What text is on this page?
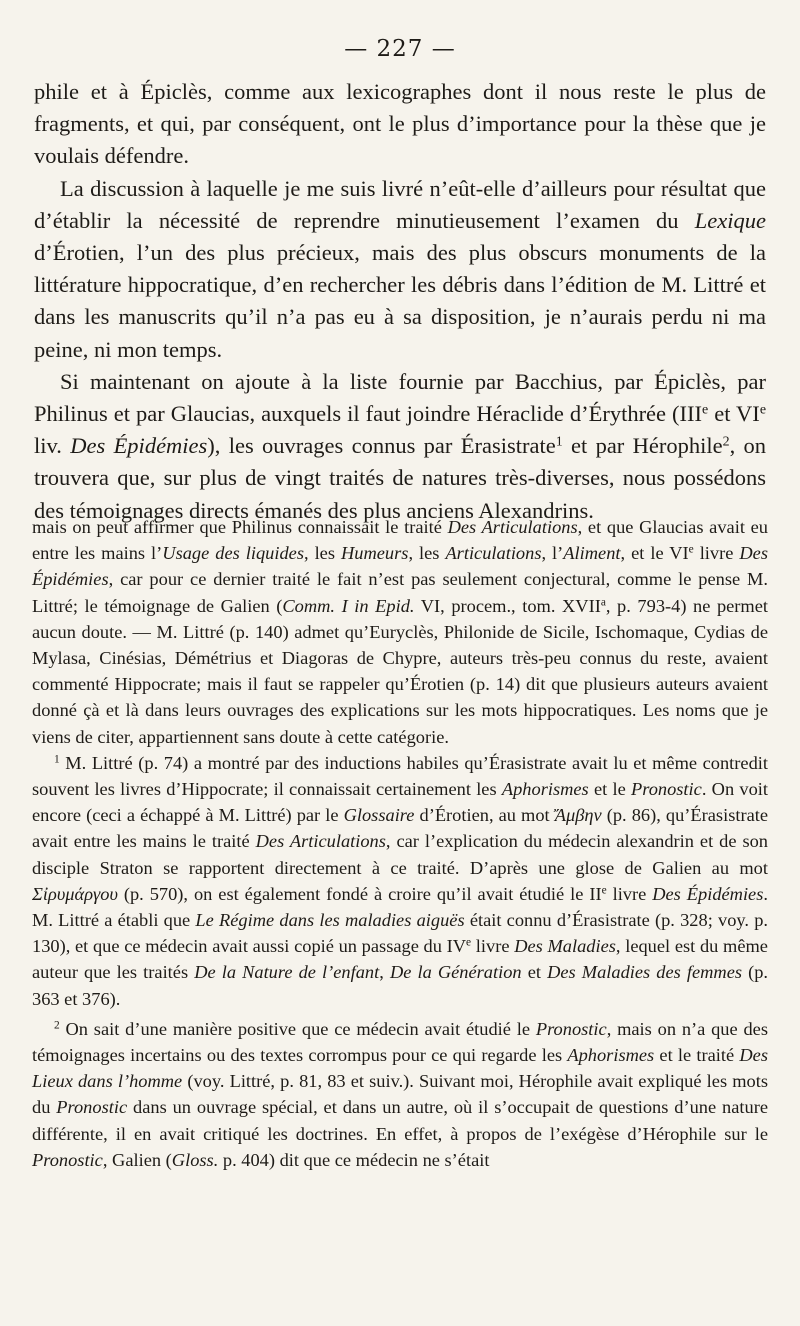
— 227 —

phile et à Épiclès, comme aux lexicographes dont il nous reste le plus de fragments, et qui, par conséquent, ont le plus d’importance pour la thèse que je voulais défendre.

La discussion à laquelle je me suis livré n’eût-elle d’ailleurs pour résultat que d’établir la nécessité de reprendre minutieusement l’examen du Lexique d’Érotien, l’un des plus précieux, mais des plus obscurs monuments de la littérature hippocratique, d’en rechercher les débris dans l’édition de M. Littré et dans les manuscrits qu’il n’a pas eu à sa disposition, je n’aurais perdu ni ma peine, ni mon temps.

Si maintenant on ajoute à la liste fournie par Bacchius, par Épiclès, par Philinus et par Glaucias, auxquels il faut joindre Héraclide d’Érythrée (IIIe et VIe liv. Des Épidémies), les ouvrages connus par Érasistrate$^1$ et par Hérophile$^2$, on trouvera que, sur plus de vingt traités de natures très-diverses, nous possédons des témoignages directs émanés des plus anciens Alexandrins.

mais on peut affirmer que Philinus connaissait le traité Des Articulations, et que Glaucias avait eu entre les mains l’Usage des liquides, les Humeurs, les Articulations, l’Aliment, et le VIe livre Des Épidémies, car pour ce dernier traité le fait n’est pas seulement conjectural, comme le pense M. Littré; le témoignage de Galien (Comm. I in Epid. VI, procem., tom. XVII$^a$, p. 793-4) ne permet aucun doute. — M. Littré (p. 140) admet qu’Euryclès, Philonide de Sicile, Ischomaque, Cydias de Mylasa, Cinésias, Démétrius et Diagoras de Chypre, auteurs très-peu connus du reste, avaient commenté Hippocrate; mais il faut se rappeler qu’Érotien (p. 14) dit que plusieurs auteurs avaient donné çà et là dans leurs ouvrages des explications sur les mots hippocratiques. Les noms que je viens de citer, appartiennent sans doute à cette catégorie.

$^1$ M. Littré (p. 74) a montré par des inductions habiles qu’Érasistrate avait lu et même contredit souvent les livres d’Hippocrate; il connaissait certainement les Aphorismes et le Pronostic. On voit encore (ceci a échappé à M. Littré) par le Glossaire d’Érotien, au mot Ἄμβην (p. 86), qu’Érasistrate avait entre les mains le traité Des Articulations, car l’explication du médecin alexandrin et de son disciple Straton se rapportent directement à ce traité. D’après une glose de Galien au mot Σἰρυμάργου (p. 570), on est également fondé à croire qu’il avait étudié le IIe livre Des Épidémies. M. Littré a établi que Le Régime dans les maladies aiguës était connu d’Érasistrate (p. 328; voy. p. 130), et que ce médecin avait aussi copié un passage du IVe livre Des Maladies, lequel est du même auteur que les traités De la Nature de l’enfant, De la Génération et Des Maladies des femmes (p. 363 et 376).

$^2$ On sait d’une manière positive que ce médecin avait étudié le Pronostic, mais on n’a que des témoignages incertains ou des textes corrompus pour ce qui regarde les Aphorismes et le traité Des Lieux dans l’homme (voy. Littré, p. 81, 83 et suiv.). Suivant moi, Hérophile avait expliqué les mots du Pronostic dans un ouvrage spécial, et dans un autre, où il s’occupait de questions d’une nature différente, il en avait critiqué les doctrines. En effet, à propos de l’exégèse d’Hérophile sur le Pronostic, Galien (Gloss. p. 404) dit que ce médecin ne s’était
